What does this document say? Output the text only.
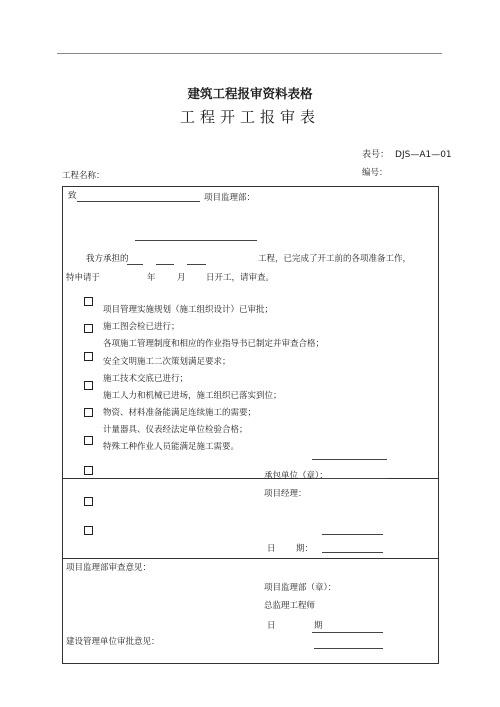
建筑工程报审资料表格
工程开工报审表
表号： DJS—A1—01
编号：
工程名称：
致	项目监理部：
我方承担的	工程，已完成了开工前的各项准备工作，
特申请于	年	月 日开工，请审查。
项目管理实施规划（施工组织设计）已审批；
施工图会检已进行；
各项施工管理制度和相应的作业指导书已制定并审查合格；
安全文明施工二次策划满足要求；
施工技术交底已进行；
施工人力和机械已进场，施工组织已落实到位；
物资、材料准备能满足连续施工的需要；
计量器具、仪表经法定单位检验合格；
特殊工种作业人员能满足施工需要。
承包单位（章）：
项目经理：
日 期：
项目监理部审查意见：
项目监理部（章）：
总监理工程师
日	期
建设管理单位审批意见：
